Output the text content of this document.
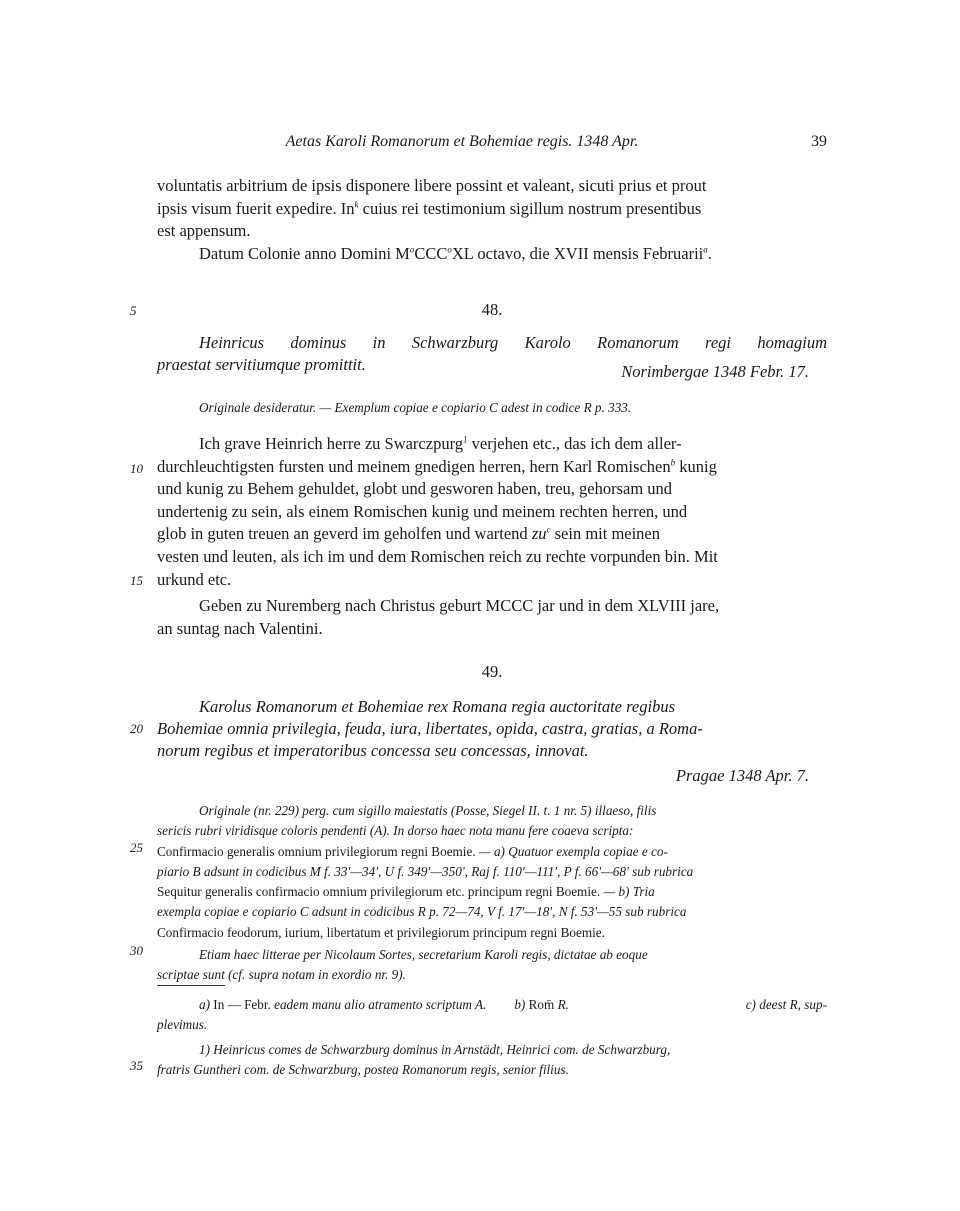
Aetas Karoli Romanorum et Bohemiae regis. 1348 Apr.	39
5
10
15
20
25
30
35

voluntatis arbitrium de ipsis disponere libere possint et valeant, sicuti prius et prout

ipsis visum fuerit expedire. In$^k$ cuius rei testimonium sigillum nostrum presentibus

est appensum.

Datum Colonie anno Domini $M^oCCC^oXL$ octavo, die XVII mensis Februarii$^a$.

48.
Heinricus dominus in Schwarzburg Karolo Romanorum regi homagium
praestat servitiumque promittit.	Norimbergae 1348 Febr. 17.
Originale desideratur. — Exemplum copiae e copiario C adest in codice R p. 333.

Ich grave Heinrich herre zu Swarczpurg$^1$ verjehen etc., das ich dem aller-

durchleuchtigsten fursten und meinem gnedigen herren, hern Karl Romischen$^b$ kunig

und kunig zu Behem gehuldet, globt und gesworen haben, treu, gehorsam und

undertenig zu sein, als einem Romischen kunig und meinem rechten herren, und

glob in guten treuen an geverd im geholfen und wartend $zu^c$ sein mit meinen

vesten und leuten, als ich im und dem Romischen reich zu rechte vorpunden bin. Mit

urkund etc.

Geben zu Nuremberg nach Christus geburt MCCC jar und in dem XLVIII jare,

an suntag nach Valentini.

49.
Karolus Romanorum et Bohemiae rex Romana regia auctoritate regibus
Bohemiae omnia privilegia, feuda, iura, libertates, opida, castra, gratias, a Roma-
norum regibus et imperatoribus concessa seu concessas, innovat.
Pragae 1348 Apr. 7.
Originale (nr. 229) perg. cum sigillo maiestatis (Posse, Siegel II. t. 1 nr. 5) illaeso, filis
sericis rubri viridisque coloris pendenti (A). In dorso haec nota manu fere coaeva scripta:
Confirmacio generalis omnium privilegiorum regni Boemie. — a) Quatuor exempla copiae e co-
piario B adsunt in codicibus M f. 33'—34', U f. 349'—350', Raj f. 110'—111', P f. 66'—68' sub rubrica
Sequitur generalis confirmacio omnium privilegiorum etc. principum regni Boemie. — b) Tria
exempla copiae e copiario C adsunt in codicibus R p. 72—74, V f. 17'—18', N f. 53'—55 sub rubrica
Confirmacio feodorum, iurium, libertatum et privilegiorum principum regni Boemie.
Etiam haec litterae per Nicolaum Sortes, secretarium Karoli regis, dictatae ab eoque
scriptae sunt (cf. supra notam in exordio nr. 9).
a) In — Febr. eadem manu alio atramento scriptum A. b) Rom̄ R.	c) deest R, sup-
plevimus.
1) Heinricus comes de Schwarzburg dominus in Arnstädt, Heinrici com. de Schwarzburg,
fratris Guntheri com. de Schwarzburg, postea Romanorum regis, senior filius.
